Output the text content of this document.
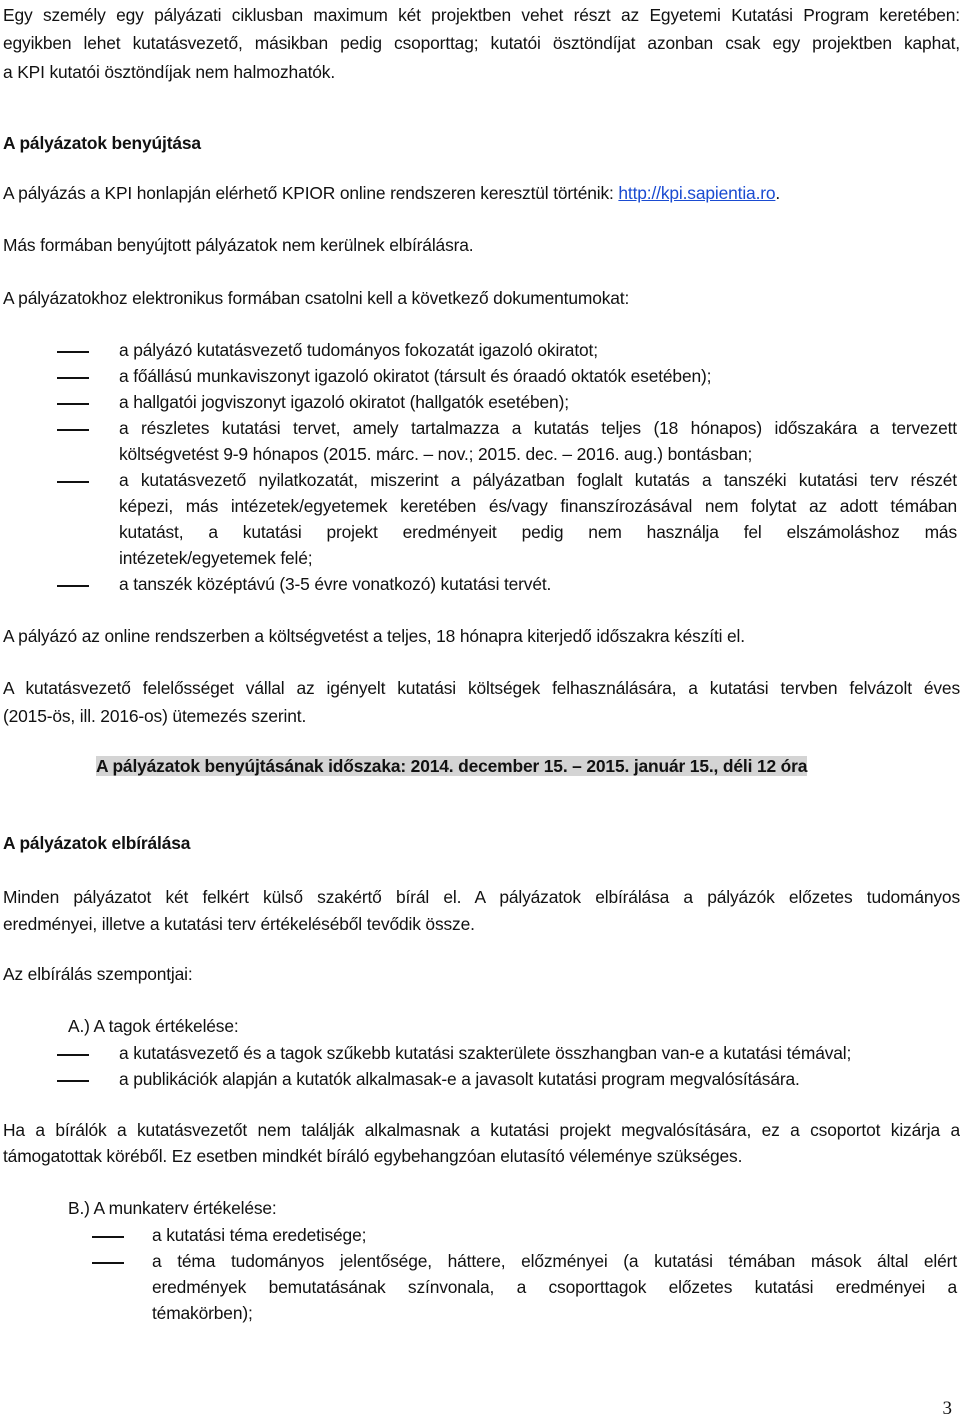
Egy személy egy pályázati ciklusban maximum két projektben vehet részt az Egyetemi Kutatási Program keretében:
egyikben lehet kutatásvezető, másikban pedig csoporttag; kutatói ösztöndíjat azonban csak egy projektben kaphat,
a KPI kutatói ösztöndíjak nem halmozhatók.
A pályázatok benyújtása
A pályázás a KPI honlapján elérhető KPIOR online rendszeren keresztül történik: http://kpi.sapientia.ro.
Más formában benyújtott pályázatok nem kerülnek elbírálásra.
A pályázatokhoz elektronikus formában csatolni kell a következő dokumentumokat:
a pályázó kutatásvezető tudományos fokozatát igazoló okiratot;
a főállású munkaviszonyt igazoló okiratot (társult és óraadó oktatók esetében);
a hallgatói jogviszonyt igazoló okiratot (hallgatók esetében);
a részletes kutatási tervet, amely tartalmazza a kutatás teljes (18 hónapos) időszakára a tervezett
költségvetést 9-9 hónapos (2015. márc. – nov.; 2015. dec. – 2016. aug.) bontásban;
a kutatásvezető nyilatkozatát, miszerint a pályázatban foglalt kutatás a tanszéki kutatási terv részét
képezi, más intézetek/egyetemek keretében és/vagy finanszírozásával nem folytat az adott témában
kutatást, a kutatási projekt eredményeit pedig nem használja fel elszámoláshoz más
intézetek/egyetemek felé;
a tanszék középtávú (3-5 évre vonatkozó) kutatási tervét.
A pályázó az online rendszerben a költségvetést a teljes, 18 hónapra kiterjedő időszakra készíti el.
A kutatásvezető felelősséget vállal az igényelt kutatási költségek felhasználására, a kutatási tervben felvázolt éves
(2015-ös, ill. 2016-os) ütemezés szerint.
A pályázatok benyújtásának időszaka: 2014. december 15. – 2015. január 15., déli 12 óra
A pályázatok elbírálása
Minden pályázatot két felkért külső szakértő bírál el. A pályázatok elbírálása a pályázók előzetes tudományos
eredményei, illetve a kutatási terv értékeléséből tevődik össze.
Az elbírálás szempontjai:
A.) A tagok értékelése:
a kutatásvezető és a tagok szűkebb kutatási szakterülete összhangban van-e a kutatási témával;
a publikációk alapján a kutatók alkalmasak-e a javasolt kutatási program megvalósítására.
Ha a bírálók a kutatásvezetőt nem találják alkalmasnak a kutatási projekt megvalósítására, ez a csoportot kizárja a
támogatottak köréből. Ez esetben mindkét bíráló egybehangzóan elutasító véleménye szükséges.
B.) A munkaterv értékelése:
a kutatási téma eredetisége;
a téma tudományos jelentősége, háttere, előzményei (a kutatási témában mások által elért
eredmények bemutatásának színvonala, a csoporttagok előzetes kutatási eredményei a
témakörben);
3
